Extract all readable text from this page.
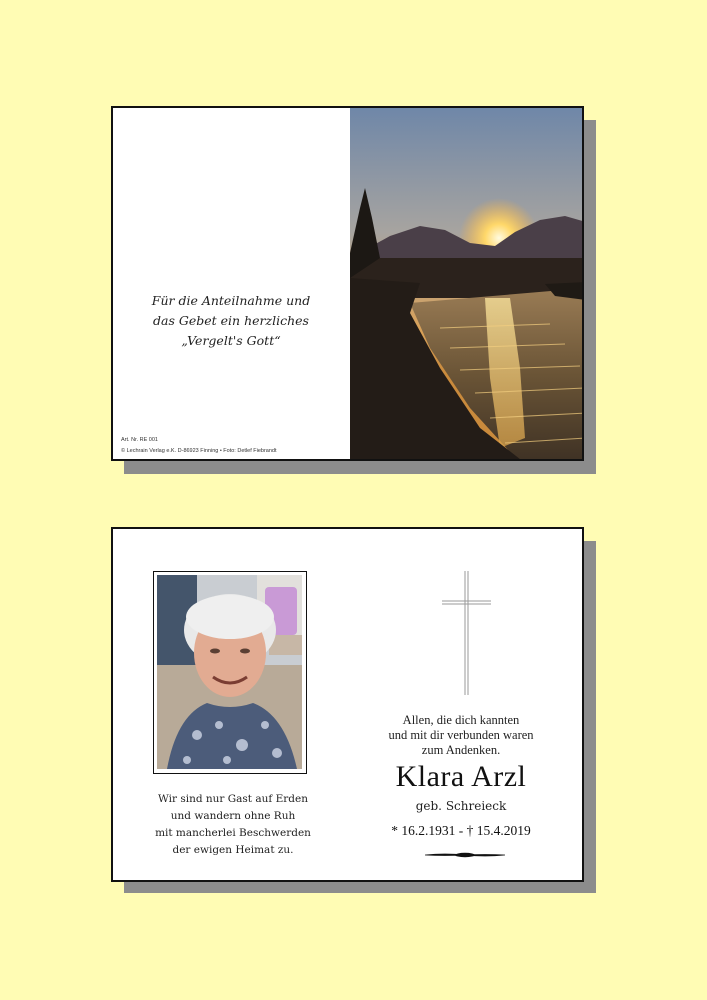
Für die Anteilnahme und
das Gebet ein herzliches
„Vergelt's Gott“
Art. Nr. RE 001
© Lechrain Verlag e.K. D-86923 Finning • Foto: Detlef Fiebrandt
Wir sind nur Gast auf Erden
und wandern ohne Ruh
mit mancherlei Beschwerden
der ewigen Heimat zu.
Allen, die dich kannten
und mit dir verbunden waren
zum Andenken.
Klara Arzl
geb. Schreieck
* 16.2.1931 - † 15.4.2019
